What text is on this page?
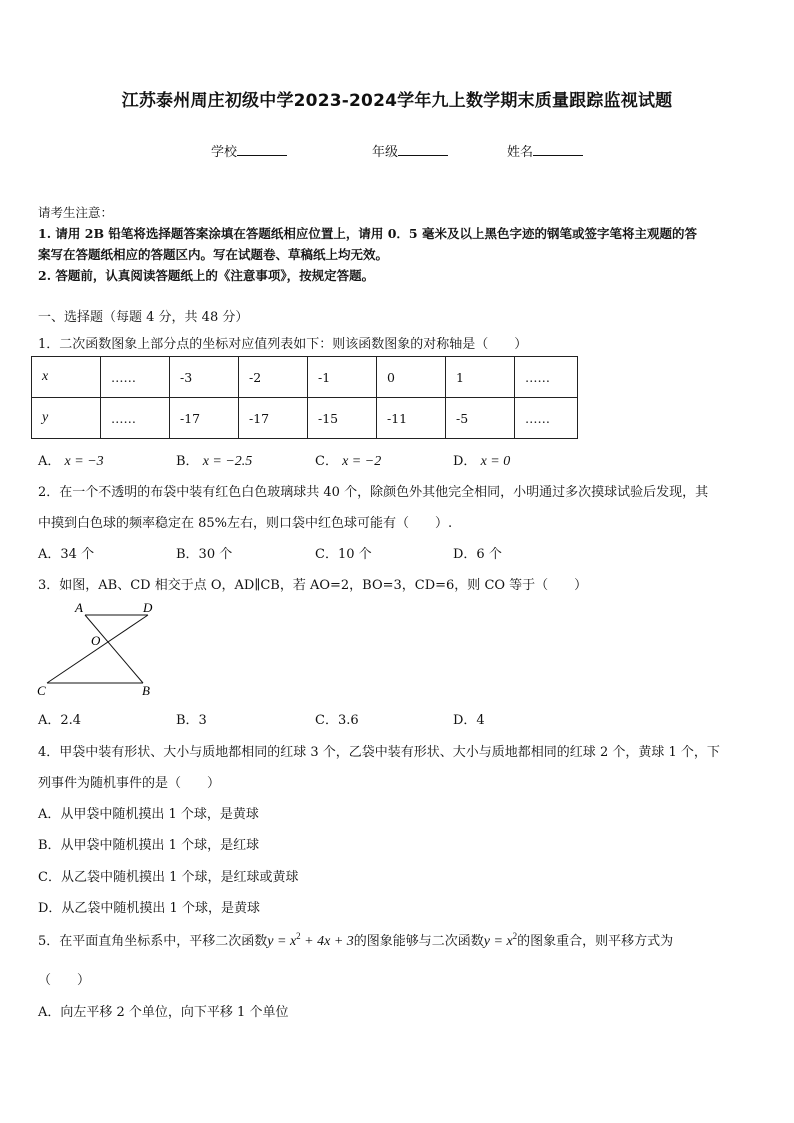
江苏泰州周庄初级中学2023-2024学年九上数学期末质量跟踪监视试题
学校	年级	姓名
请考生注意：
1. 请用 2B 铅笔将选择题答案涂填在答题纸相应位置上，请用 0．5 毫米及以上黑色字迹的钢笔或签字笔将主观题的答
案写在答题纸相应的答题区内。写在试题卷、草稿纸上均无效。
2. 答题前，认真阅读答题纸上的《注意事项》，按规定答题。
一、选择题（每题 4 分，共 48 分）
1．二次函数图象上部分点的坐标对应值列表如下：则该函数图象的对称轴是（　　）
x	……	-3	-2	-1	0	1	……
y	……	-17	-17	-15	-11	-5	……
A． x = −3	B． x = −2.5	C． x = −2	D． x = 0
2．在一个不透明的布袋中装有红色白色玻璃球共 40 个，除颜色外其他完全相同，小明通过多次摸球试验后发现，其
中摸到白色球的频率稳定在 85%左右，则口袋中红色球可能有（　　）.
A．34 个	B．30 个	C．10 个	D．6 个
3．如图，AB、CD 相交于点 O，AD∥CB，若 AO=2，BO=3，CD=6，则 CO 等于（　　）
A	D
O
C	B
A．2.4	B．3	C．3.6	D．4
4．甲袋中装有形状、大小与质地都相同的红球 3 个，乙袋中装有形状、大小与质地都相同的红球 2 个，黄球 1 个，下
列事件为随机事件的是（　　）
A．从甲袋中随机摸出 1 个球，是黄球
B．从甲袋中随机摸出 1 个球，是红球
C．从乙袋中随机摸出 1 个球，是红球或黄球
D．从乙袋中随机摸出 1 个球，是黄球
5．在平面直角坐标系中，平移二次函数$y = x^2 + 4x + 3$的图象能够与二次函数$y = x^2$的图象重合，则平移方式为
（　　）
A．向左平移 2 个单位，向下平移 1 个单位
